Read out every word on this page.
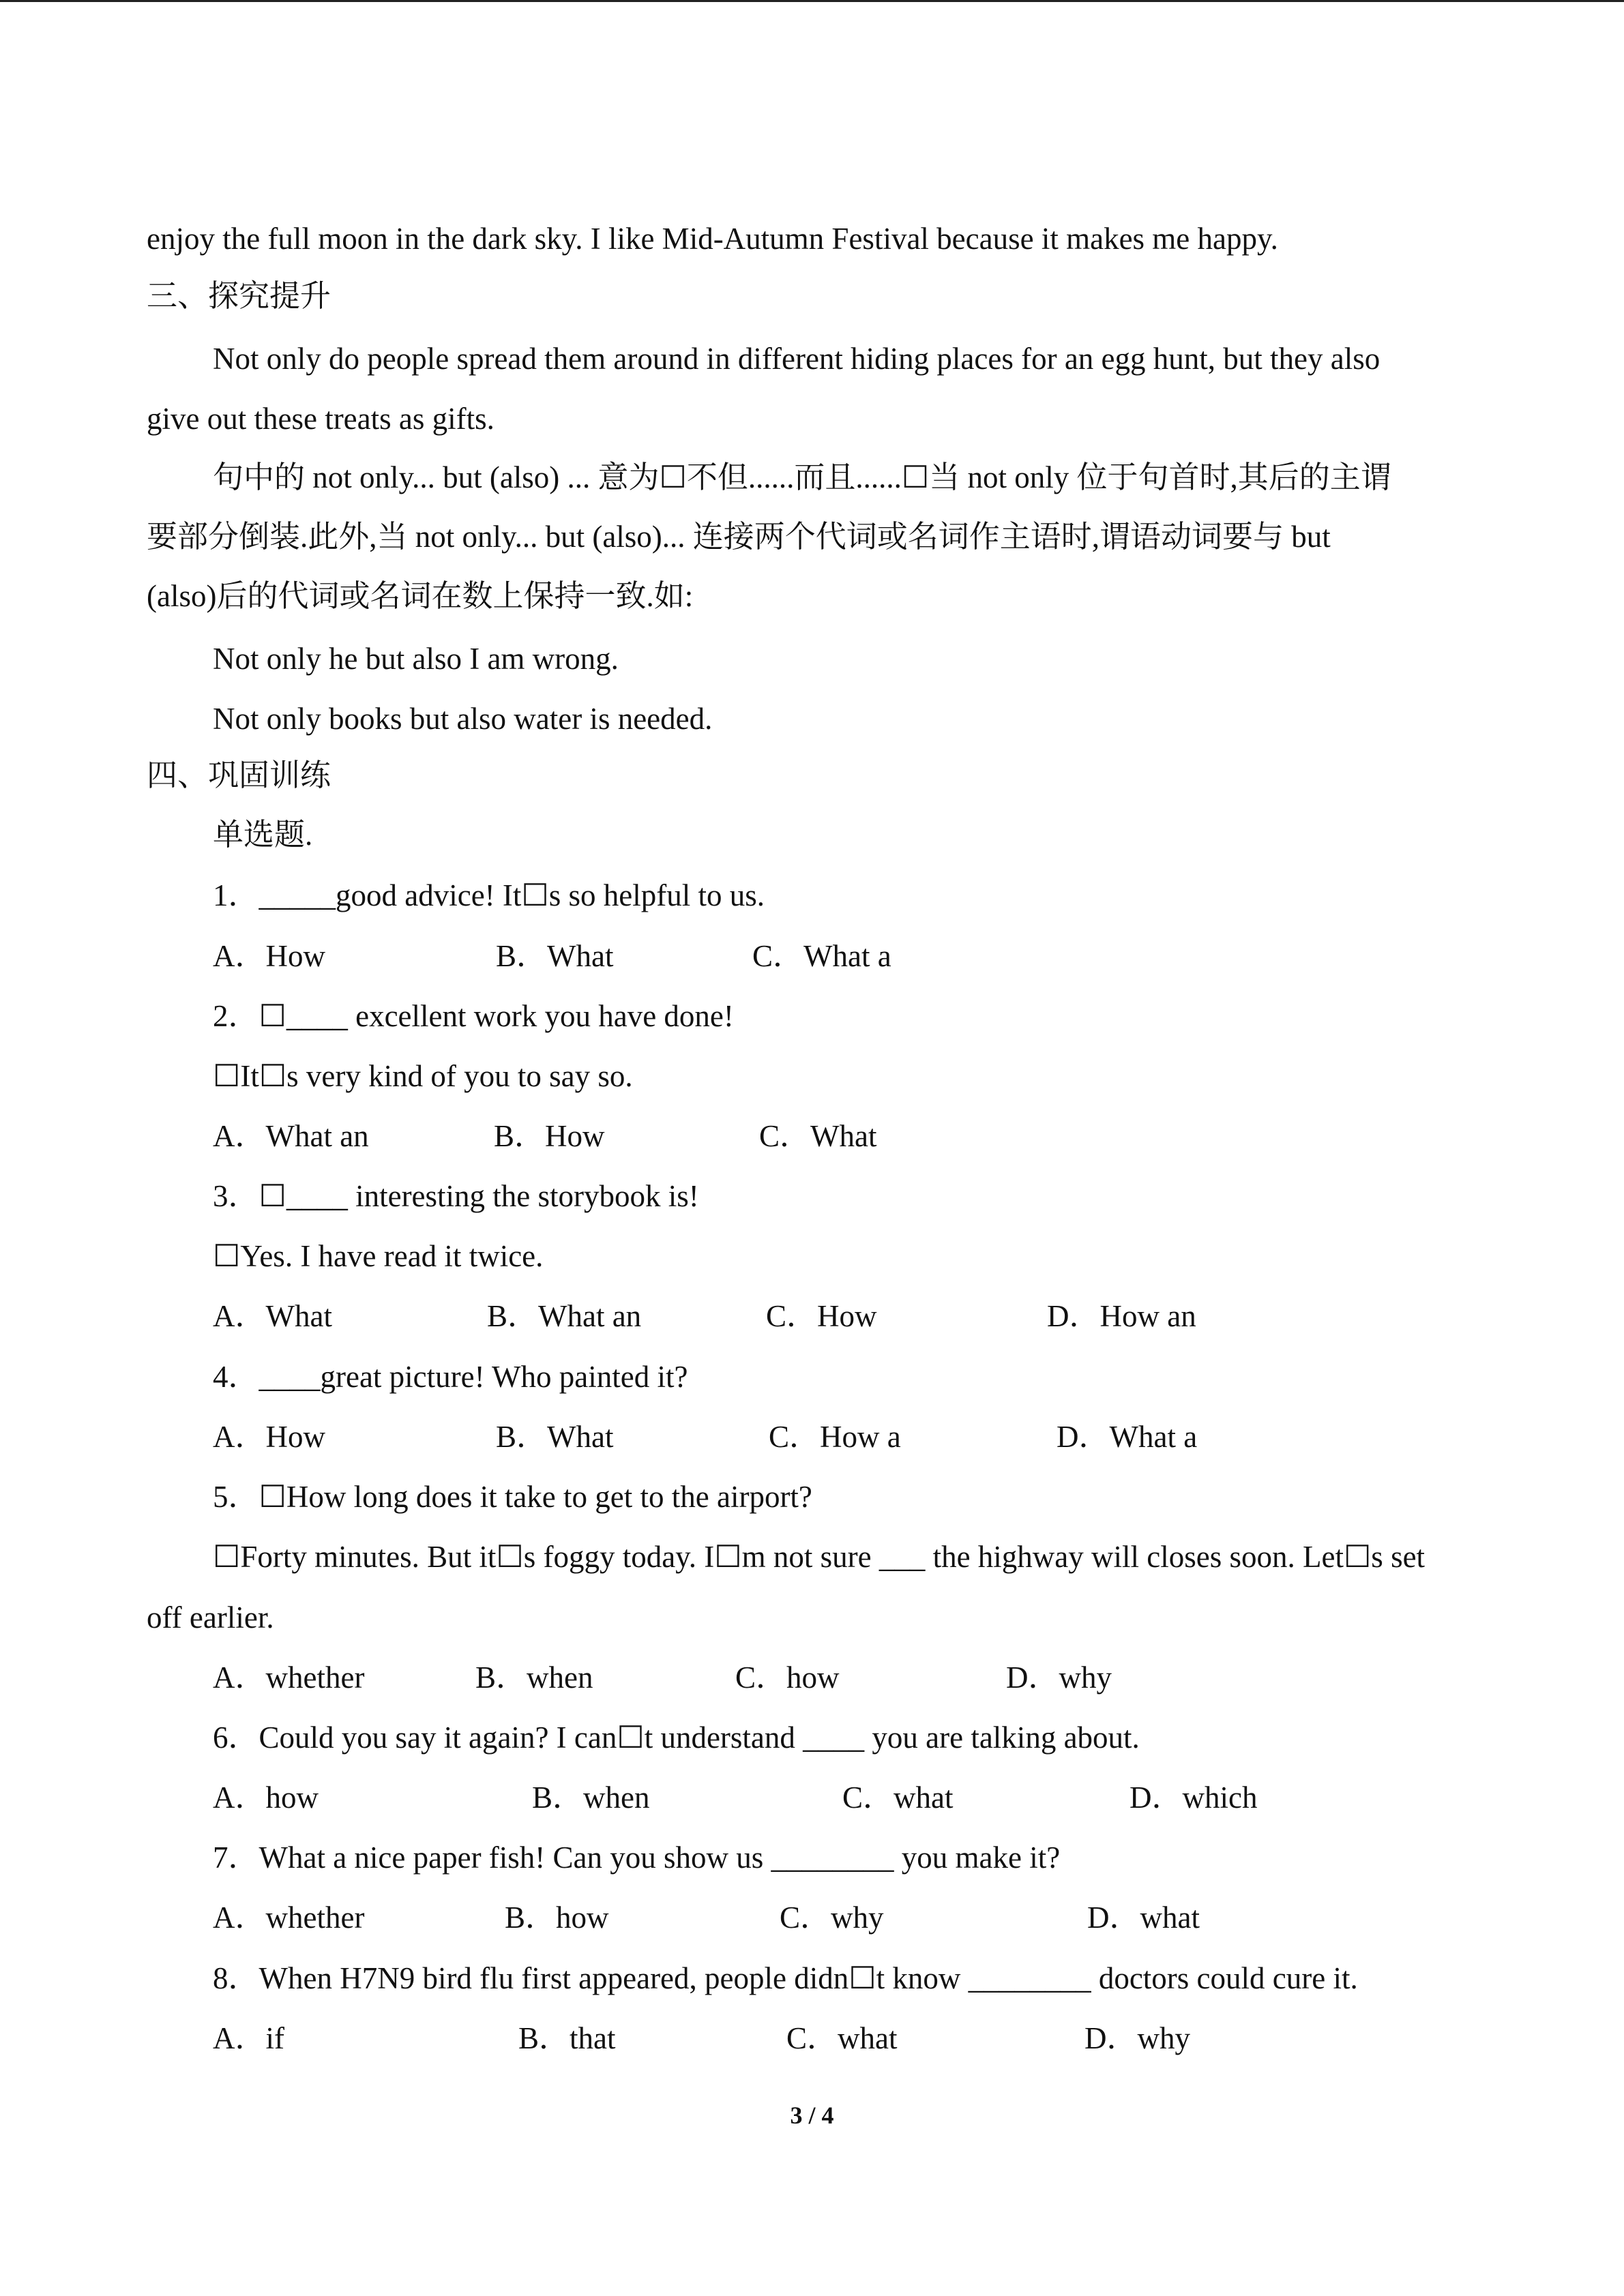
enjoy the full moon in the dark sky. I like Mid-Autumn Festival because it makes me happy.
三、探究提升
Not only do people spread them around in different hiding places for an egg hunt, but they also
give out these treats as gifts.
句中的 not only... but (also) ... 意为☐不但......而且......☐当 not only 位于句首时,其后的主谓
要部分倒装.此外,当 not only... but (also)... 连接两个代词或名词作主语时,谓语动词要与 but
(also)后的代词或名词在数上保持一致.如:
Not only he but also I am wrong.
Not only books but also water is needed.
四、巩固训练
单选题.
1．_____good advice! It☐s so helpful to us.
A．How	B．What	C．What a
2．☐____ excellent work you have done!
☐It☐s very kind of you to say so.
A．What an	B．How	C．What
3．☐____ interesting the storybook is!
☐Yes. I have read it twice.
A．What	B．What an	C．How	D．How an
4．____great picture! Who painted it?
A．How	B．What	C．How a	D．What a
5．☐How long does it take to get to the airport?
☐Forty minutes. But it☐s foggy today. I☐m not sure ___ the highway will closes soon. Let☐s set
off earlier.
A．whether	B．when	C．how	D．why
6．Could you say it again? I can☐t understand ____ you are talking about.
A．how	B．when	C．what	D．which
7．What a nice paper fish! Can you show us ________ you make it?
A．whether	B．how	C．why	D．what
8．When H7N9 bird flu first appeared, people didn☐t know ________ doctors could cure it.
A．if	B．that	C．what	D．why
3 / 4
